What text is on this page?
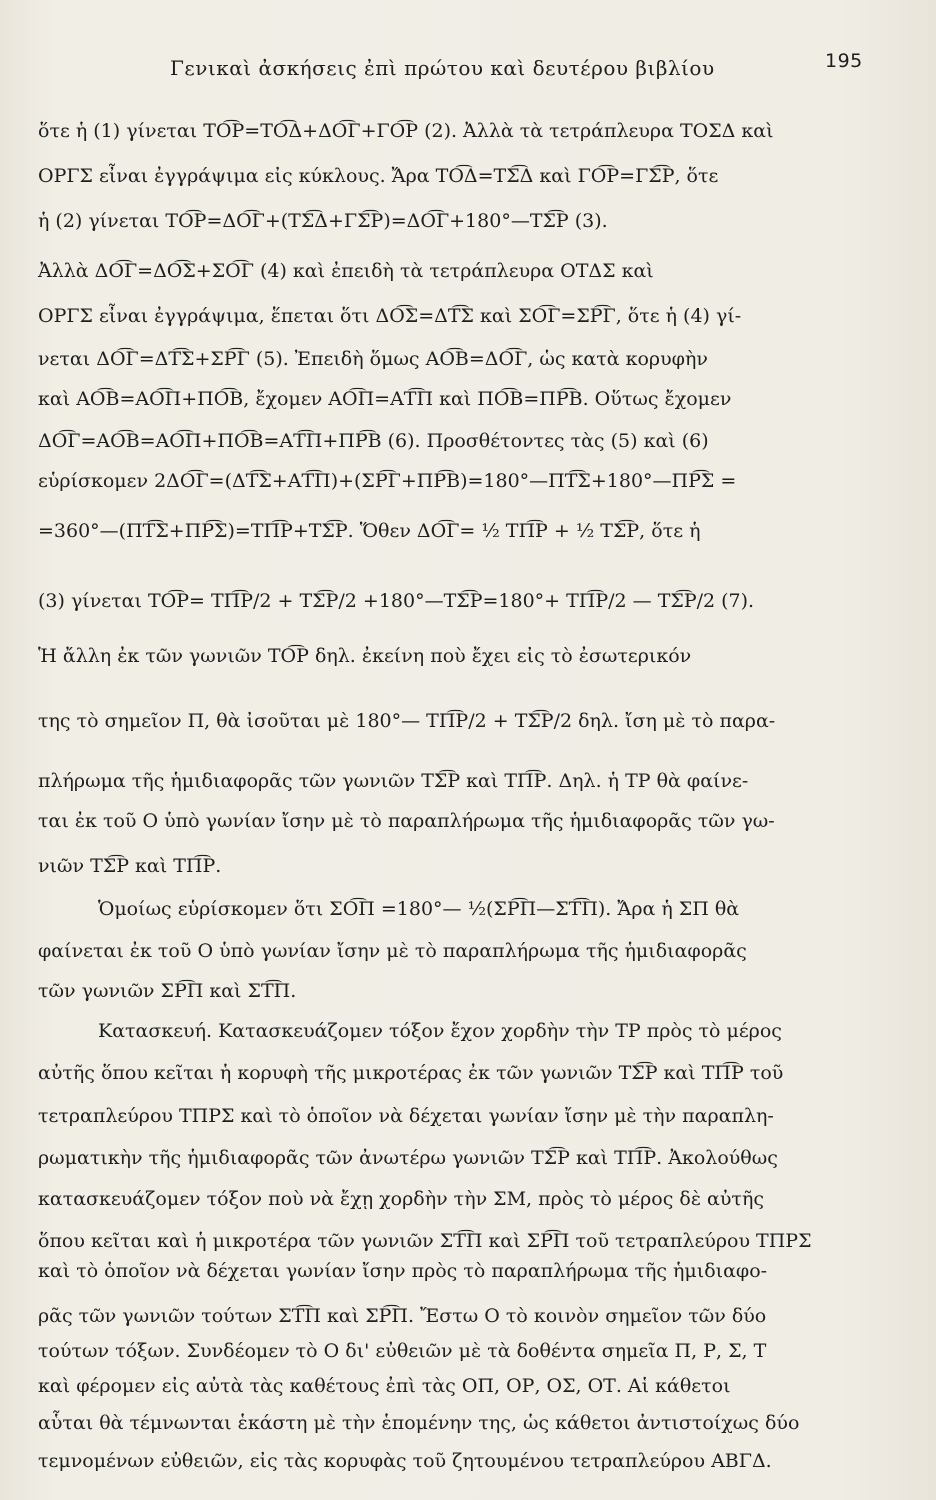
Γενικαὶ ἀσκήσεις ἐπὶ πρώτου καὶ δευτέρου βιβλίου	195
ὅτε ἡ (1) γίνεται ΤΟ͡Ρ=ΤΟ͡Δ+ΔΟ͡Γ+ΓΟ͡Ρ (2). Ἀλλὰ τὰ τετράπλευρα ΤΟΣΔ καὶ
ΟΡΓΣ εἶναι ἐγγράψιμα εἰς κύκλους. Ἄρα ΤΟ͡Δ=ΤΣ͡Δ καὶ ΓΟ͡Ρ=ΓΣ͡Ρ, ὅτε
ἡ (2) γίνεται ΤΟ͡Ρ=ΔΟ͡Γ+(ΤΣ͡Δ+ΓΣ͡Ρ)=ΔΟ͡Γ+180°—ΤΣ͡Ρ (3).
Ἀλλὰ ΔΟ͡Γ=ΔΟ͡Σ+ΣΟ͡Γ (4) καὶ ἐπειδὴ τὰ τετράπλευρα ΟΤΔΣ καὶ
ΟΡΓΣ εἶναι ἐγγράψιμα, ἕπεται ὅτι ΔΟ͡Σ=ΔΤ͡Σ καὶ ΣΟ͡Γ=ΣΡ͡Γ, ὅτε ἡ (4) γί-
νεται ΔΟ͡Γ=ΔΤ͡Σ+ΣΡ͡Γ (5). Ἐπειδὴ ὅμως ΑΟ͡Β=ΔΟ͡Γ, ὡς κατὰ κορυφὴν
καὶ ΑΟ͡Β=ΑΟ͡Π+ΠΟ͡Β, ἔχομεν ΑΟ͡Π=ΑΤ͡Π καὶ ΠΟ͡Β=ΠΡ͡Β. Οὕτως ἔχομεν
ΔΟ͡Γ=ΑΟ͡Β=ΑΟ͡Π+ΠΟ͡Β=ΑΤ͡Π+ΠΡ͡Β (6). Προσθέτοντες τὰς (5) καὶ (6)
εὑρίσκομεν 2ΔΟ͡Γ=(ΔΤ͡Σ+ΑΤ͡Π)+(ΣΡ͡Γ+ΠΡ͡Β)=180°—ΠΤ͡Σ+180°—ΠΡ͡Σ =
=360°—(ΠΤ͡Σ+ΠΡ͡Σ)=ΤΠ͡Ρ+ΤΣ͡Ρ. Ὅθεν ΔΟ͡Γ= ½ ΤΠ͡Ρ + ½ ΤΣ͡Ρ, ὅτε ἡ
(3) γίνεται ΤΟ͡Ρ= ΤΠ͡Ρ/2 + ΤΣ͡Ρ/2 +180°—ΤΣ͡Ρ=180°+ ΤΠ͡Ρ/2 — ΤΣ͡Ρ/2 (7).
Ἡ ἄλλη ἐκ τῶν γωνιῶν ΤΟ͡Ρ δηλ. ἐκείνη ποὺ ἔχει εἰς τὸ ἐσωτερικόν
της τὸ σημεῖον Π, θὰ ἰσοῦται μὲ 180°— ΤΠ͡Ρ/2 + ΤΣ͡Ρ/2 δηλ. ἴση μὲ τὸ παρα-
πλήρωμα τῆς ἡμιδιαφορᾶς τῶν γωνιῶν ΤΣ͡Ρ καὶ ΤΠ͡Ρ. Δηλ. ἡ ΤΡ θὰ φαίνε-
ται ἐκ τοῦ Ο ὑπὸ γωνίαν ἴσην μὲ τὸ παραπλήρωμα τῆς ἡμιδιαφορᾶς τῶν γω-
νιῶν ΤΣ͡Ρ καὶ ΤΠ͡Ρ.
Ὁμοίως εὑρίσκομεν ὅτι ΣΟ͡Π =180°— ½(ΣΡ͡Π—ΣΤ͡Π). Ἄρα ἡ ΣΠ θὰ
φαίνεται ἐκ τοῦ Ο ὑπὸ γωνίαν ἴσην μὲ τὸ παραπλήρωμα τῆς ἡμιδιαφορᾶς
τῶν γωνιῶν ΣΡ͡Π καὶ ΣΤ͡Π.
Κατασκευή. Κατασκευάζομεν τόξον ἔχον χορδὴν τὴν ΤΡ πρὸς τὸ μέρος
αὐτῆς ὅπου κεῖται ἡ κορυφὴ τῆς μικροτέρας ἐκ τῶν γωνιῶν ΤΣ͡Ρ καὶ ΤΠ͡Ρ τοῦ
τετραπλεύρου ΤΠΡΣ καὶ τὸ ὁποῖον νὰ δέχεται γωνίαν ἴσην μὲ τὴν παραπλη-
ρωματικὴν τῆς ἡμιδιαφορᾶς τῶν ἀνωτέρω γωνιῶν ΤΣ͡Ρ καὶ ΤΠ͡Ρ. Ἀκολούθως
κατασκευάζομεν τόξον ποὺ νὰ ἔχῃ χορδὴν τὴν ΣΜ, πρὸς τὸ μέρος δὲ αὐτῆς
ὅπου κεῖται καὶ ἡ μικροτέρα τῶν γωνιῶν ΣΤ͡Π καὶ ΣΡ͡Π τοῦ τετραπλεύρου ΤΠΡΣ
καὶ τὸ ὁποῖον νὰ δέχεται γωνίαν ἴσην πρὸς τὸ παραπλήρωμα τῆς ἡμιδιαφο-
ρᾶς τῶν γωνιῶν τούτων ΣΤ͡Π καὶ ΣΡ͡Π. Ἔστω Ο τὸ κοινὸν σημεῖον τῶν δύο
τούτων τόξων. Συνδέομεν τὸ Ο δι' εὐθειῶν μὲ τὰ δοθέντα σημεῖα Π, Ρ, Σ, Τ
καὶ φέρομεν εἰς αὐτὰ τὰς καθέτους ἐπὶ τὰς ΟΠ, ΟΡ, ΟΣ, ΟΤ. Αἱ κάθετοι
αὗται θὰ τέμνωνται ἑκάστη μὲ τὴν ἑπομένην της, ὡς κάθετοι ἀντιστοίχως δύο
τεμνομένων εὐθειῶν, εἰς τὰς κορυφὰς τοῦ ζητουμένου τετραπλεύρου ΑΒΓΔ.
